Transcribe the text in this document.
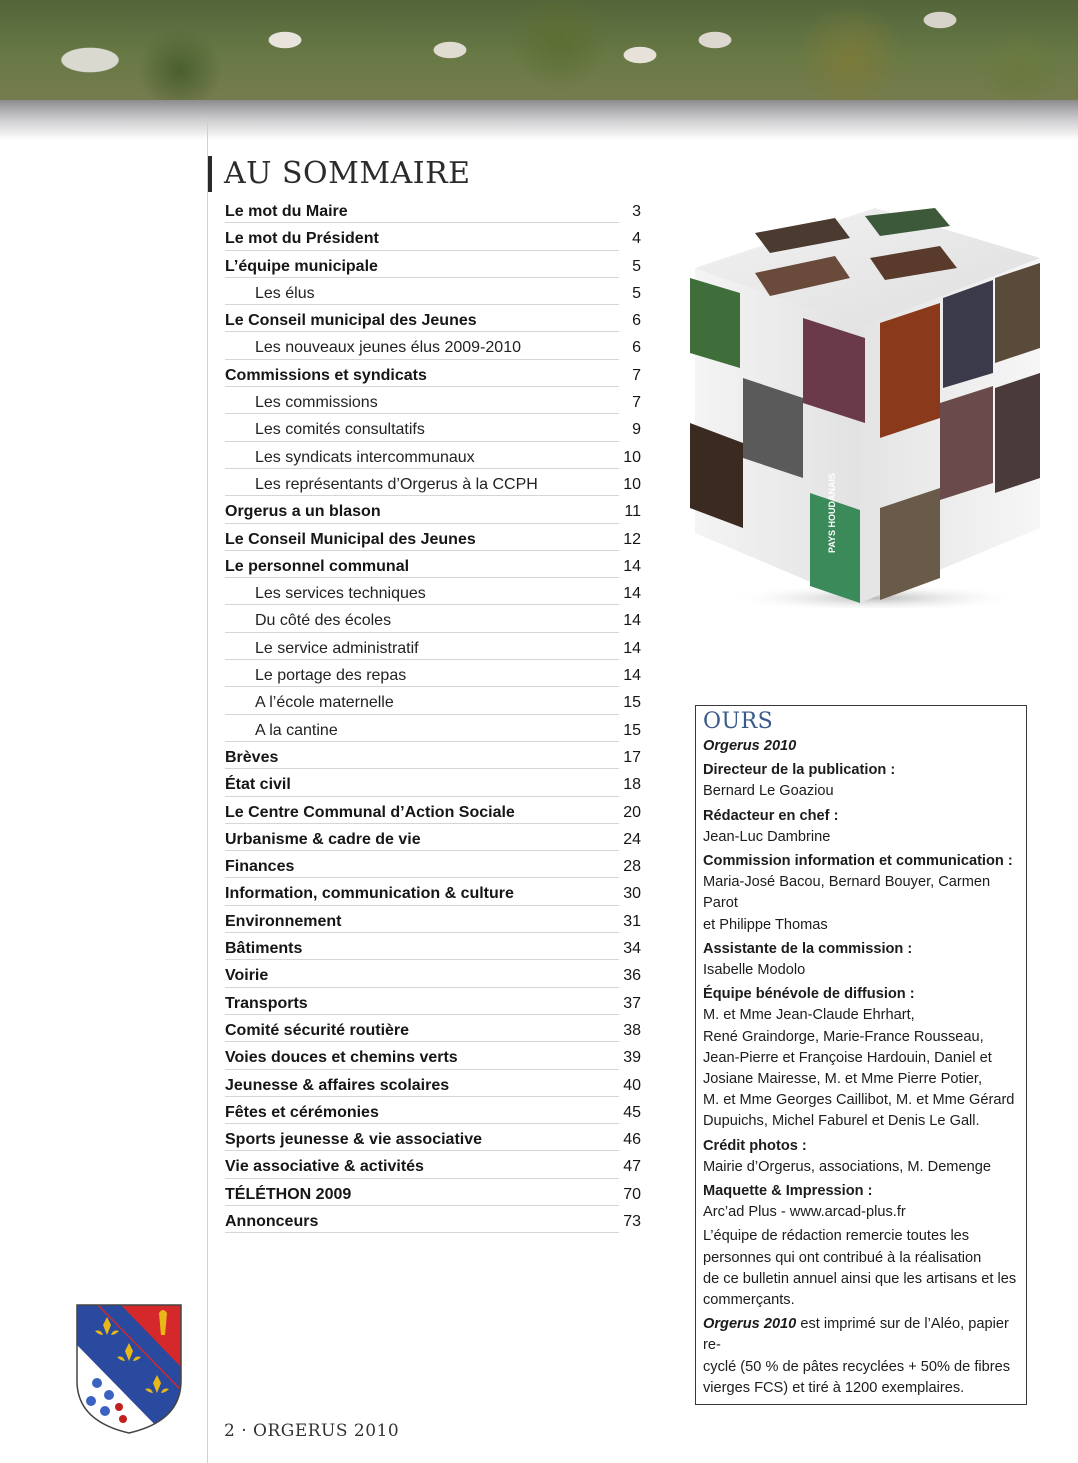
AU SOMMAIRE
Le mot du Maire	3
Le mot du Président	4
L’équipe municipale	5
Les élus	5
Le Conseil municipal des Jeunes	6
Les nouveaux jeunes élus 2009-2010	6
Commissions et syndicats	7
Les commissions	7
Les comités consultatifs	9
Les syndicats intercommunaux	10
Les représentants d’Orgerus à la CCPH	10
Orgerus a un blason	11
Le Conseil Municipal des Jeunes	12
Le personnel communal	14
Les services techniques	14
Du côté des écoles	14
Le service administratif	14
Le portage des repas	14
A l’école maternelle	15
A la cantine	15
Brèves	17
État civil	18
Le Centre Communal d’Action Sociale	20
Urbanisme & cadre de vie	24
Finances	28
Information, communication & culture	30
Environnement	31
Bâtiments	34
Voirie	36
Transports	37
Comité sécurité routière	38
Voies douces et chemins verts	39
Jeunesse & affaires scolaires	40
Fêtes et cérémonies	45
Sports jeunesse & vie associative	46
Vie associative & activités	47
TÉLÉTHON 2009	70
Annonceurs	73
PAYS HOUDANAIS
OURS
Orgerus 2010
Directeur de la publication :
Bernard Le Goaziou
Rédacteur en chef :
Jean-Luc Dambrine
Commission information et communication :
Maria-José Bacou, Bernard Bouyer, Carmen Parot
et Philippe Thomas
Assistante de la commission :
Isabelle Modolo
Équipe bénévole de diffusion :
M. et Mme Jean-Claude Ehrhart,
René Graindorge, Marie-France Rousseau,
Jean-Pierre et Françoise Hardouin, Daniel et
Josiane Mairesse, M. et Mme Pierre Potier,
M. et Mme Georges Caillibot, M. et Mme Gérard
Dupuichs, Michel Faburel et Denis Le Gall.
Crédit photos :
Mairie d’Orgerus, associations, M. Demenge
Maquette & Impression :
Arc’ad Plus - www.arcad-plus.fr

L’équipe de rédaction remercie toutes les
personnes qui ont contribué à la réalisation
de ce bulletin annuel ainsi que les artisans et les
commerçants.

Orgerus 2010 est imprimé sur de l’Aléo, papier re-
cyclé (50 % de pâtes recyclées + 50% de fibres
vierges FCS) et tiré à 1200 exemplaires.

2 · ORGERUS 2010
